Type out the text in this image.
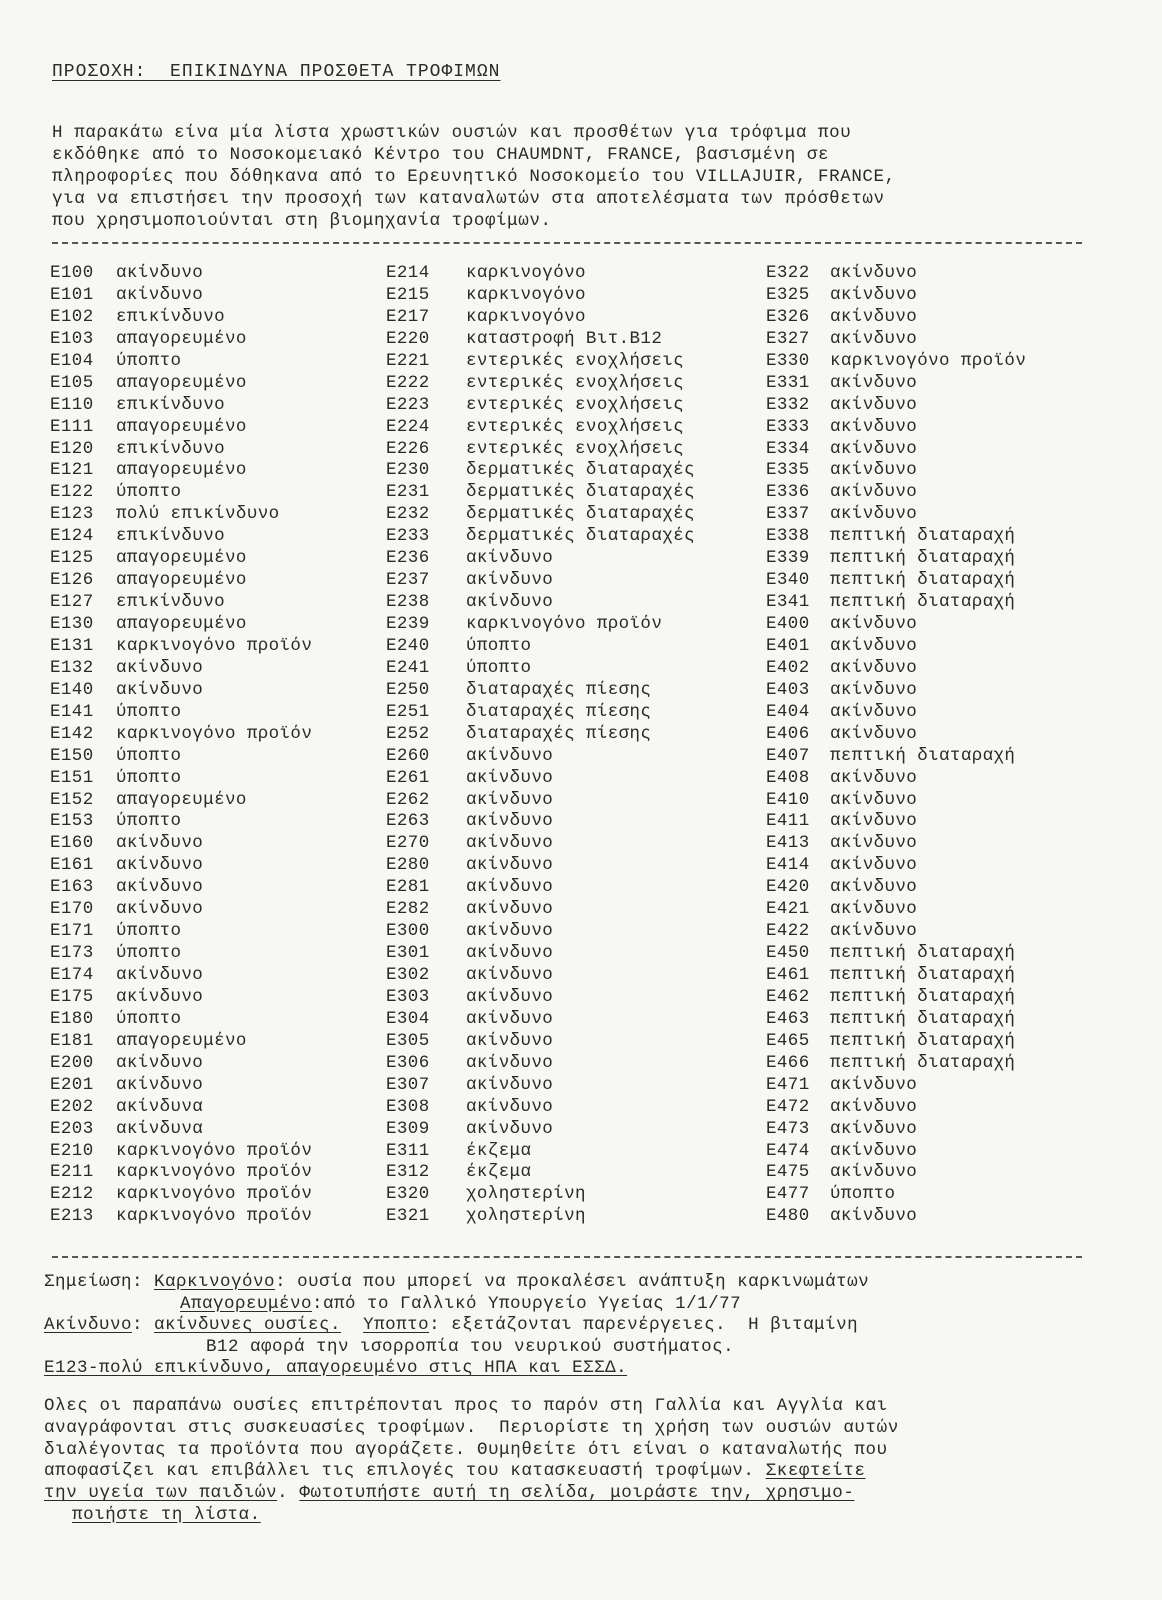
ΠΡΟΣΟΧΗ:  ΕΠΙΚΙΝΔΥΝΑ ΠΡΟΣΘΕΤΑ ΤΡΟΦΙΜΩΝ
Η παρακάτω είνα μία λίστα χρωστικών ουσιών και προσθέτων για τρόφιμα που
εκδόθηκε από το Νοσοκομειακό Κέντρο του CHAUMDNT, FRANCE, βασισμένη σε
πληροφορίες που δόθηκανα από το Ερευνητικό Νοσοκομείο του VILLAJUIR, FRANCE,
για να επιστήσει την προσοχή των καταναλωτών στα αποτελέσματα των πρόσθετων
που χρησιμοποιούνται στη βιομηχανία τροφίμων.
E100 ακίνδυνο
E101 ακίνδυνο
E102 επικίνδυνο
E103 απαγορευμένο
E104 ύποπτο
E105 απαγορευμένο
E110 επικίνδυνο
E111 απαγορευμένο
E120 επικίνδυνο
E121 απαγορευμένο
E122 ύποπτο
E123 πολύ επικίνδυνο
E124 επικίνδυνο
E125 απαγορευμένο
E126 απαγορευμένο
E127 επικίνδυνο
E130 απαγορευμένο
E131 καρκινογόνο προϊόν
E132 ακίνδυνο
E140 ακίνδυνο
E141 ύποπτο
E142 καρκινογόνο προϊόν
E150 ύποπτο
E151 ύποπτο
E152 απαγορευμένο
E153 ύποπτο
E160 ακίνδυνο
E161 ακίνδυνο
E163 ακίνδυνο
E170 ακίνδυνο
E171 ύποπτο
E173 ύποπτο
E174 ακίνδυνο
E175 ακίνδυνο
E180 ύποπτο
E181 απαγορευμένο
E200 ακίνδυνο
E201 ακίνδυνο
E202 ακίνδυνα
E203 ακίνδυνα
E210 καρκινογόνο προϊόν
E211 καρκινογόνο προϊόν
E212 καρκινογόνο προϊόν
E213 καρκινογόνο προϊόν
E214 καρκινογόνο
E215 καρκινογόνο
E217 καρκινογόνο
E220 καταστροφή Βιτ.Β12
E221 εντερικές ενοχλήσεις
E222 εντερικές ενοχλήσεις
E223 εντερικές ενοχλήσεις
E224 εντερικές ενοχλήσεις
E226 εντερικές ενοχλήσεις
E230 δερματικές διαταραχές
E231 δερματικές διαταραχές
E232 δερματικές διαταραχές
E233 δερματικές διαταραχές
E236 ακίνδυνο
E237 ακίνδυνο
E238 ακίνδυνο
E239 καρκινογόνο προϊόν
E240 ύποπτο
E241 ύποπτο
E250 διαταραχές πίεσης
E251 διαταραχές πίεσης
E252 διαταραχές πίεσης
E260 ακίνδυνο
E261 ακίνδυνο
E262 ακίνδυνο
E263 ακίνδυνο
E270 ακίνδυνο
E280 ακίνδυνο
E281 ακίνδυνο
E282 ακίνδυνο
E300 ακίνδυνο
E301 ακίνδυνο
E302 ακίνδυνο
E303 ακίνδυνο
E304 ακίνδυνο
E305 ακίνδυνο
E306 ακίνδυνο
E307 ακίνδυνο
E308 ακίνδυνο
E309 ακίνδυνο
E311 έκζεμα
E312 έκζεμα
E320 χοληστερίνη
E321 χοληστερίνη
E322 ακίνδυνο
E325 ακίνδυνο
E326 ακίνδυνο
E327 ακίνδυνο
E330 καρκινογόνο προϊόν
E331 ακίνδυνο
E332 ακίνδυνο
E333 ακίνδυνο
E334 ακίνδυνο
E335 ακίνδυνο
E336 ακίνδυνο
E337 ακίνδυνο
E338 πεπτική διαταραχή
E339 πεπτική διαταραχή
E340 πεπτική διαταραχή
E341 πεπτική διαταραχή
E400 ακίνδυνο
E401 ακίνδυνο
E402 ακίνδυνο
E403 ακίνδυνο
E404 ακίνδυνο
E406 ακίνδυνο
E407 πεπτική διαταραχή
E408 ακίνδυνο
E410 ακίνδυνο
E411 ακίνδυνο
E413 ακίνδυνο
E414 ακίνδυνο
E420 ακίνδυνο
E421 ακίνδυνο
E422 ακίνδυνο
E450 πεπτική διαταραχή
E461 πεπτική διαταραχή
E462 πεπτική διαταραχή
E463 πεπτική διαταραχή
E465 πεπτική διαταραχή
E466 πεπτική διαταραχή
E471 ακίνδυνο
E472 ακίνδυνο
E473 ακίνδυνο
E474 ακίνδυνο
E475 ακίνδυνο
E477 ύποπτο
E480 ακίνδυνο
Σημείωση: Καρκινογόνο: ουσία που μπορεί να προκαλέσει ανάπτυξη καρκινωμάτων
Απαγορευμένο:από το Γαλλικό Υπουργείο Υγείας 1/1/77
Ακίνδυνο: ακίνδυνες ουσίες. Υποπτο: εξετάζονται παρενέργειες.  Η βιταμίνη
B12 αφορά την ισορροπία του νευρικού συστήματος.
E123-πολύ επικίνδυνο, απαγορευμένο στις ΗΠΑ και ΕΣΣΔ.
Ολες οι παραπάνω ουσίες επιτρέπονται προς το παρόν στη Γαλλία και Αγγλία και
αναγράφονται στις συσκευασίες τροφίμων.  Περιορίστε τη χρήση των ουσιών αυτών
διαλέγοντας τα προϊόντα που αγοράζετε. Θυμηθείτε ότι είναι ο καταναλωτής που
αποφασίζει και επιβάλλει τις επιλογές του κατασκευαστή τροφίμων. Σκεφτείτε
την υγεία των παιδιών. Φωτοτυπήστε αυτή τη σελίδα, μοιράστε την, χρησιμο-
ποιήστε τη λίστα.
